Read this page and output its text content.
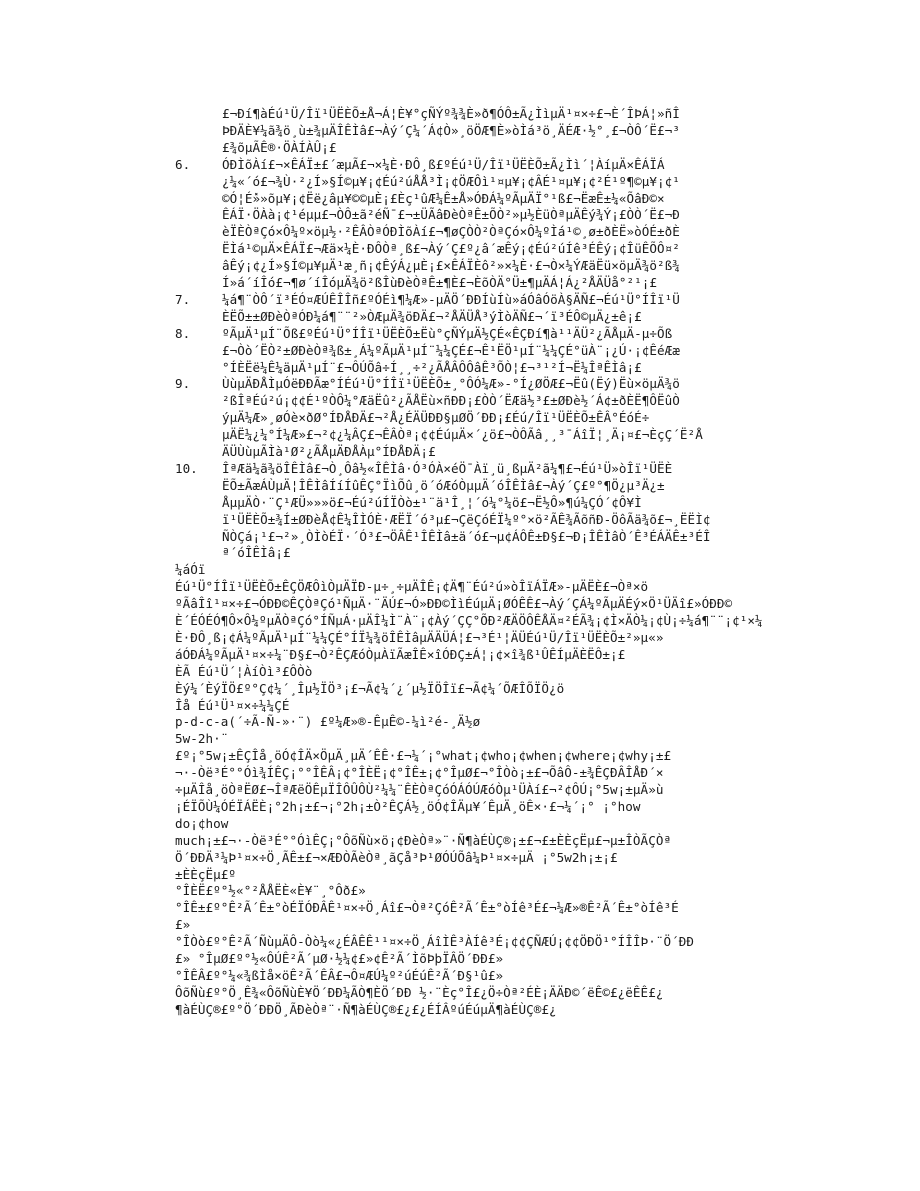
£¬Ðí¶àÉú¹Ü/Îï¹ÜËÈÕ±Å¬Á¦È¥°çÑÝº¾¾È»ð¶ÓÔ±Ã¿ÌìµÄ¹¤×÷£¬È´ÎÞÁ¦»ñÎ
ÞÐÄÈ¥¼ã¾ö¸ù±¾µÄÎÊÌâ£¬Àý´Ç¼´Á¢Ò»¸öÖÆ¶È»òÌá³ö¸ÄÉÆ·½°¸£¬ÒÔ´Ë£¬³
£¾õµÃÊ®·ÖÀÍÀÛ¡£
6.	ÓÐÌõÀí£¬×ÊÁÏ±£´æµÃ£¬×¼È·ÐÔ¸ß£ºÉú¹Ü/Îï¹ÜËÈÕ±Ã¿Ìì´¦ÀíµÄ×ÊÁÏÁ
¿¼«´ó£¬¾Ù·²¿Í»§Í©µ¥¡¢Éú²úÅÅ³Ì¡¢ÖÆÔì¹¤µ¥¡¢ÂÉ¹¤µ¥¡¢²É¹º¶©µ¥¡¢¹
©Ó¦É̽»»õµ¥¡¢Ëë¿âµ¥©©µÈ¡£Èç¹ûÆ¼Ê±Å»ÓÐÁ¼ºÃµÄÏ°¹ß£¬ËæÊ±¼«ÕâÐ©×
ÊÁÏ·ÖÀà¡¢¹éµµ£¬ÒÔ±ã²éÑ¯£¬±ÜÃâÐèÒªÊ±ÕÒ²»µ½ÈüÒªµÄÊý¾Ý¡£ÒÒ´Ë£¬Ð
èÏÈÒªÇó×Ô¼º×öµ½·²ÊÂÒªÓÐÌõÀí£¬¶øÇÒÒ²ÒªÇó×Ô¼ºÌá¹©¸ø±ðÈË»òÓÉ±ðÈ
ËÌá¹©µÄ×ÊÁÏ£¬Æä×¼È·ÐÔÒª¸ß£¬Àý´Ç£º¿â´æÊý¡¢Éú²úÍê³ÉÊý¡¢ÎüÊÕÔ¤²
âÊý¡¢¿Í»§Í©µ¥µÄ¹æ¸ñ¡¢ÊýÁ¿µÈ¡£×ÊÁÏÈô²»×¼È·£¬Ò×¼ÝÆäËü×öµÄ¾ö²ß¾
Í»á´íÎó£¬¶ø´íÎóµÄ¾ö²ßÎùÐèÒªÊ±¶È£¬ÈõÒÄ°Ü±¶µÄÁ¦Á¿²ÅÄÜå°²¹¡£
7.	¼á¶¨ÒÔ´ï³ÉÓ¤ÆÚÊÎÎñ£ºÓÉì¶¼Æ»-µÄÖ´ÐÐÍùÍù»áÓâÓöÀ§ÄÑ£¬Éú¹Ü°ÍÎï¹Ü
ÈËÕ±±ØÐèÒªÓÐ¼á¶¨¨²»ÒÆµÄ¾öÐÄ£¬²ÅÄÜÅ³ýÌòÄÑ£¬´ï³ÉÔ©µÄ¿±ê¡£
8.	ºÃµÄ¹µÍ¨Õß£ºÉú¹Ü°ÍÎï¹ÜËÈÕ±Ëù°çÑÝµÄ½ÇÉ«ÊÇÐí¶à¹¹ÄÜ²¿ÃÅµÄ-µ÷Õß
£¬Òò´ËÒ²±ØÐèÒª¾ß±¸Á¼ºÃµÄ¹µÍ¨¼¼ÇÉ£¬Ê¹ËÖ¹µÍ¨¼¼ÇÉ°üÀ¨¡¿Ú·¡¢ÊéÆæ
°ÍÈËë¼Ê¼äµÄ¹µÍ¨£¬ÔÚÕâ÷Í¸¸÷²¿ÃÅÂÔÔâÊ³ÕÒ¦£¬³¹²Í¬Ë¼ÎªÊÌâ¡£
9.	ÙùµÄÐÅÌµÓëÐÐÃæ°ÍÉú¹Ü°ÍÎï¹ÜËÈÕ±¸°ÔÓ¼Æ»-°Í¿ØÖÆ£¬Ëû(Ëý)Ëù×öµÄ¾ö
²ßÎªÉú²ú¡¢¢É¹ºÒÔ¼°ÆäËû²¿ÃÅËù×ñÐÐ¡£ÒÒ´ËÆä½³£±ØÐè½´Á¢±ðÈË¶ÔËûÒ
ýµÄ¼Æ»¸øÓè×ðØ°ÍÐÅÐÄ£¬²Å¿ÉÄÜÐÐ§µØÖ´ÐÐ¡£Éú/Îï¹ÜËÈÕ±ÊÂ°ÉóÉ÷
µÄË¼¿¼°Í¼Æ»£¬²¢¿¼ÂÇ£¬ÊÂÒª¡¢¢ÉúµÄ×´¿ö£¬ÒÔÃâ¸¸³¯ÁîÏ¦¸Ä¡¤£¬ÈçÇ´Ë²Å
ÄÜÙùµÃÌà¹Ø²¿ÃÅµÄÐÅÀµ°ÍÐÅÐÄ¡£
10. ÎªÆä¼ã¾öÎÊÌâ£¬Ò¸Ôâ½«ÎÊÌâ·Ó³ÓÀ×éÖ¯Àï¸ü¸ßµÄ²ã¼¶£¬Éú¹Ü»òÎï¹ÜËÈ
ËÕ±ÃæÁÙµÄ¦ÎÊÌâÍíÍûÊÇ°ÏìÕû¸ö´óÆóÒµµÄ´óÎÊÌâ£¬Àý´Ç£º°¶Ö¿µ³Ä¿±
ÅµµÄÒ·¨Ç¹ÆÜ»»»ö£¬Éú²úÍÏÒò±¹¨ä¹Î¸¦´ó¼°¼ö£¬Ë½Ô»¶ú¼ÇÓ´¢Ô¥Ì
ï¹ÜËÈÕ±¾Í±ØÐèÅ¢Ê¼ÎÌÓÈ·ÆËÏ´ó³µ£¬ÇëÇóÉÏ¼º°×ö²ÃÊ¾ÃõñÐ-ÖôÃä¾õ£¬¸ËËÌ¢
ÑÒÇá¡¹£¬²»¸ÒÌòÉÏ·´Ó³£¬ÖÂÊ¹ÎÊÌâ±ä´ó£¬µ¢ÁÔÊ±Ð§£¬Ð¡ÎÊÌâÒ´Ê³ÉÁÄÊ±³ÉÎ
ª´óÎÊÌâ¡£
¼áÓï
Éú¹Ü°ÍÎï¹ÜËÈÕ±ÊÇÖÆÔìÒµÄÏÐ-µ÷¸÷µÄÎÊ¡¢Ä¶¨Éú²ú»òÎïÁÏÆ»-µÄËÈ£¬Òª×ö
ºÃâÎî¹¤×÷£¬ÓÐÐ©ÊÇÒªÇó¹ÑµÄ·¨ÄÚ£¬Ó»ÐÐ©ÌìÉúµÄ¡ØÓÊÊ£¬Àý´ÇÁ¼ºÃµÄÉý×Ö¹ÜÄî£»ÓÐÐ©
È´ÉÓÉÓ¶Ô×Ô¼ºµÄÒªÇó°ÍÑµÁ·µÄÎ¼Ì¨À¨¡¢Àý´ÇÇ°ÕÐ²ÆÄÖÔÊÅÄ¤²ÉÃ¾¡¢Ì×ÄÒ¼¡¢Ù¡÷¼á¶¨¨¡¢¹×¼
È·ÐÔ¸ß¡¢Á¼ºÃµÄ¹µÍ¨¼¼ÇÉ°ÍÏ¼¾öÎÊÌâµÄÄÜÁ¦£¬³É¹¦ÄÜÉú¹Ü/Îï¹ÜËÈÕ±²»µ«»
áÓÐÁ¼ºÃµÄ¹¤×÷¼¨Ð§£¬Ò²ÊÇÆóÒµÀïÃæÎÊ×îÓÐÇ±Á¦¡¢×î¾ß¹ÛÊÍµÄÈËÔ±¡£
ÈÃ Éú¹Ü´¦ÀíÒì³£ÔÒò
Èý¼´ÈýÏÖ£º°Ç¢¼´¸Îµ½ÏÖ³¡£¬Ã¢¼´¿´µ½ÏÖÎï£¬Ã¢¼´ÕÆÎÕÏÖ¿ö
Îå Éú¹Ü¹¤×÷¼¼ÇÉ
p-d-c-a(´÷Ã-Ñ-»·¨) £º¼Æ»®-ÊµÊ©-¼ì²é-¸Ä½ø
5w-2h·¨
£º¡°5w¡±ÊÇÎå¸öÓ¢ÎÄ×ÖµÄ¸µÄ´ÊÊ·£¬¼´¡°what¡¢who¡¢when¡¢where¡¢why¡±£
¬·-Òë³É°°Óì¾ÍÊÇ¡°°ÎÊÂ¡¢°ÎÈË¡¢°ÎÊ±¡¢°ÎµØ£¬°ÎÒò¡±£¬ÕâÔ-±¾ÊÇÐÂÎÅÐ´×
÷µÄÎå¸öÒªËØ£¬ÎªÆëÖÊµÏÎÔÛÔÙ²¼¼¨ÊÈÒªÇóÓÁÓÚÆóÒµ¹ÜÀí£¬²¢ÔÚ¡°5w¡±µÄ»ù
¡ÉÏÕÙ¼ÓÉÏÁËÈ¡°2h¡±£¬¡°2h¡±Ò²ÊÇÁ½¸öÓ¢ÎÄµ¥´ÊµÄ¸öÊ×·£¬¼´¡° ¡°how
do¡¢how
much¡±£¬·-Òë³É°°ÓìÊÇ¡°ÔõÑù×ö¡¢ÐèÒª»¨·Ñ¶àÉÙÇ®¡±£¬£±ÈÈçËµ£¬µ±ÎÒÃÇÒª
Ö´ÐÐÄ³¼Þ¹¤×÷Ö¸ÃÊ±£¬×ÆÐÒÃèÒª¸ãÇå³Þ¹ØÓÚÕâ¼Þ¹¤×÷µÄ ¡°5w2h¡±¡£
±ÈÈçËµ£º
°ÎÈË£º°½«°²ÅÅËÈ«È¥¨¸°Ôð£»
°ÎÊ±£º°Ê²Ã´Ê±°òÉÏÓÐÂÊ¹¤×÷Ö¸Áî£¬Òª²ÇóÊ²Ã´Ê±°òÍê³É£¬¼Æ»®Ê²Ã´Ê±°òÍê³É
£»
°ÎÒò£º°Ê²Ã´ÑùµÄÔ-Òò¼«¿ÉÂÊÊ¹¹¤×÷Ö¸ÁîÌÊ³ÀÍê³É¡¢¢ÇÑÆÚ¡¢¢ÖÐÖ¹°ÍÎÎÞ·¨Ö´ÐÐ
£» °ÎµØ£º°½«ÔÚÊ²Ã´µØ·½¼¢£»¢Ê²Ã´ÌõÞþÏÂÖ´ÐÐ£»
°ÎÊÂ£º°¼«¾ßÌå×öÊ²Ã´ÊÂ£¬Ô¤ÆÚ¼º²úÉúÊ²Ã´Ð§¹û£»
ÔõÑù£º°Ö¸Ê¾«ÔõÑùÈ¥Ö´ÐÐ¼ÃÒ¶ÈÖ´ÐÐ ½·¨Èç°Î£¿Ö÷Òª²ÉÈ¡ÄÄÐ©´ëÊ©£¿ëÊÊ£¿
¶àÉÙÇ®£º°Ö´ÐÐÖ¸ÃÐèÒª¨·Ñ¶àÉÙÇ®£¿£¿ÉÍÂºúÉúµÄ¶àÉÙÇ®£¿
